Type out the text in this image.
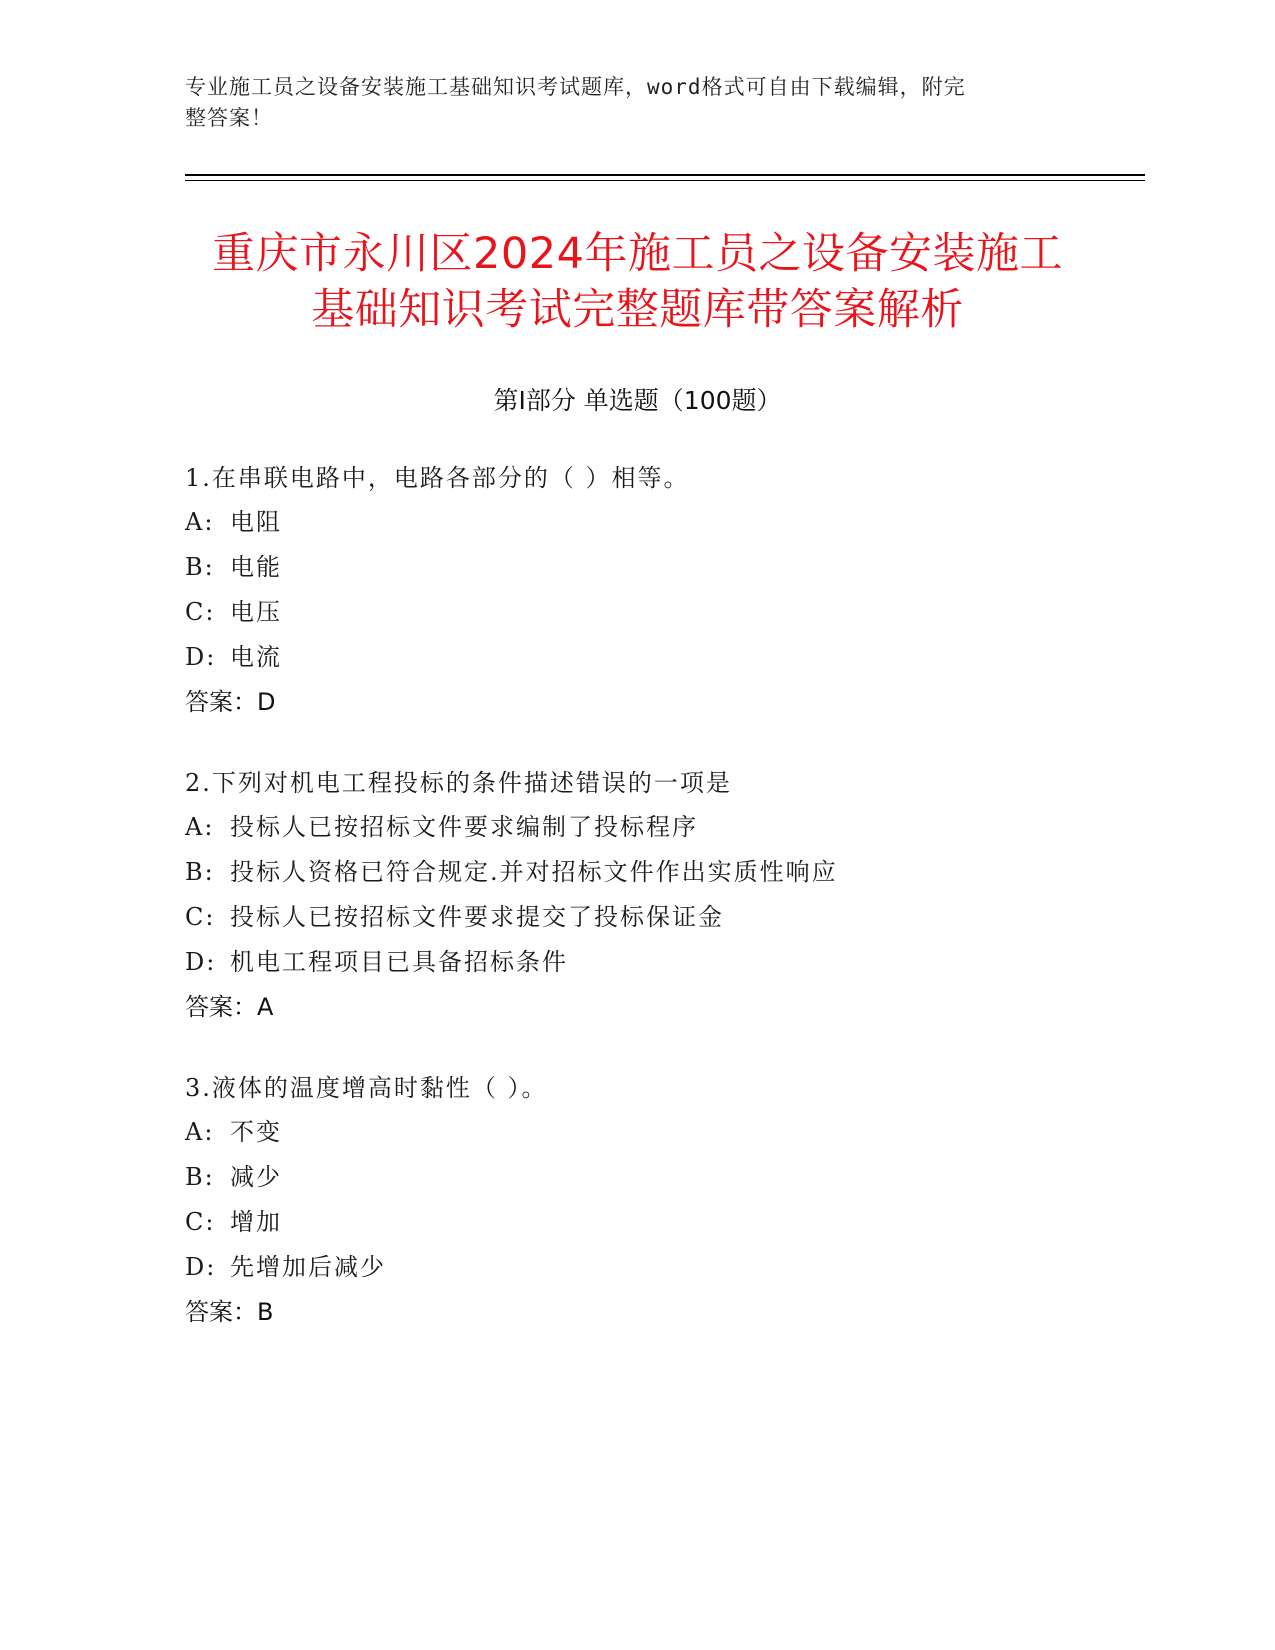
专业施工员之设备安装施工基础知识考试题库，word格式可自由下载编辑，附完
整答案！
重庆市永川区2024年施工员之设备安装施工
基础知识考试完整题库带答案解析
第Ⅰ部分 单选题（100题）
1.在串联电路中，电路各部分的（ ）相等。
A: 电阻
B: 电能
C: 电压
D: 电流
答案：D
2.下列对机电工程投标的条件描述错误的一项是
A: 投标人已按招标文件要求编制了投标程序
B: 投标人资格已符合规定.并对招标文件作出实质性响应
C: 投标人已按招标文件要求提交了投标保证金
D: 机电工程项目已具备招标条件
答案：A
3.液体的温度增高时黏性（ ）。
A: 不变
B: 减少
C: 增加
D: 先增加后减少
答案：B
